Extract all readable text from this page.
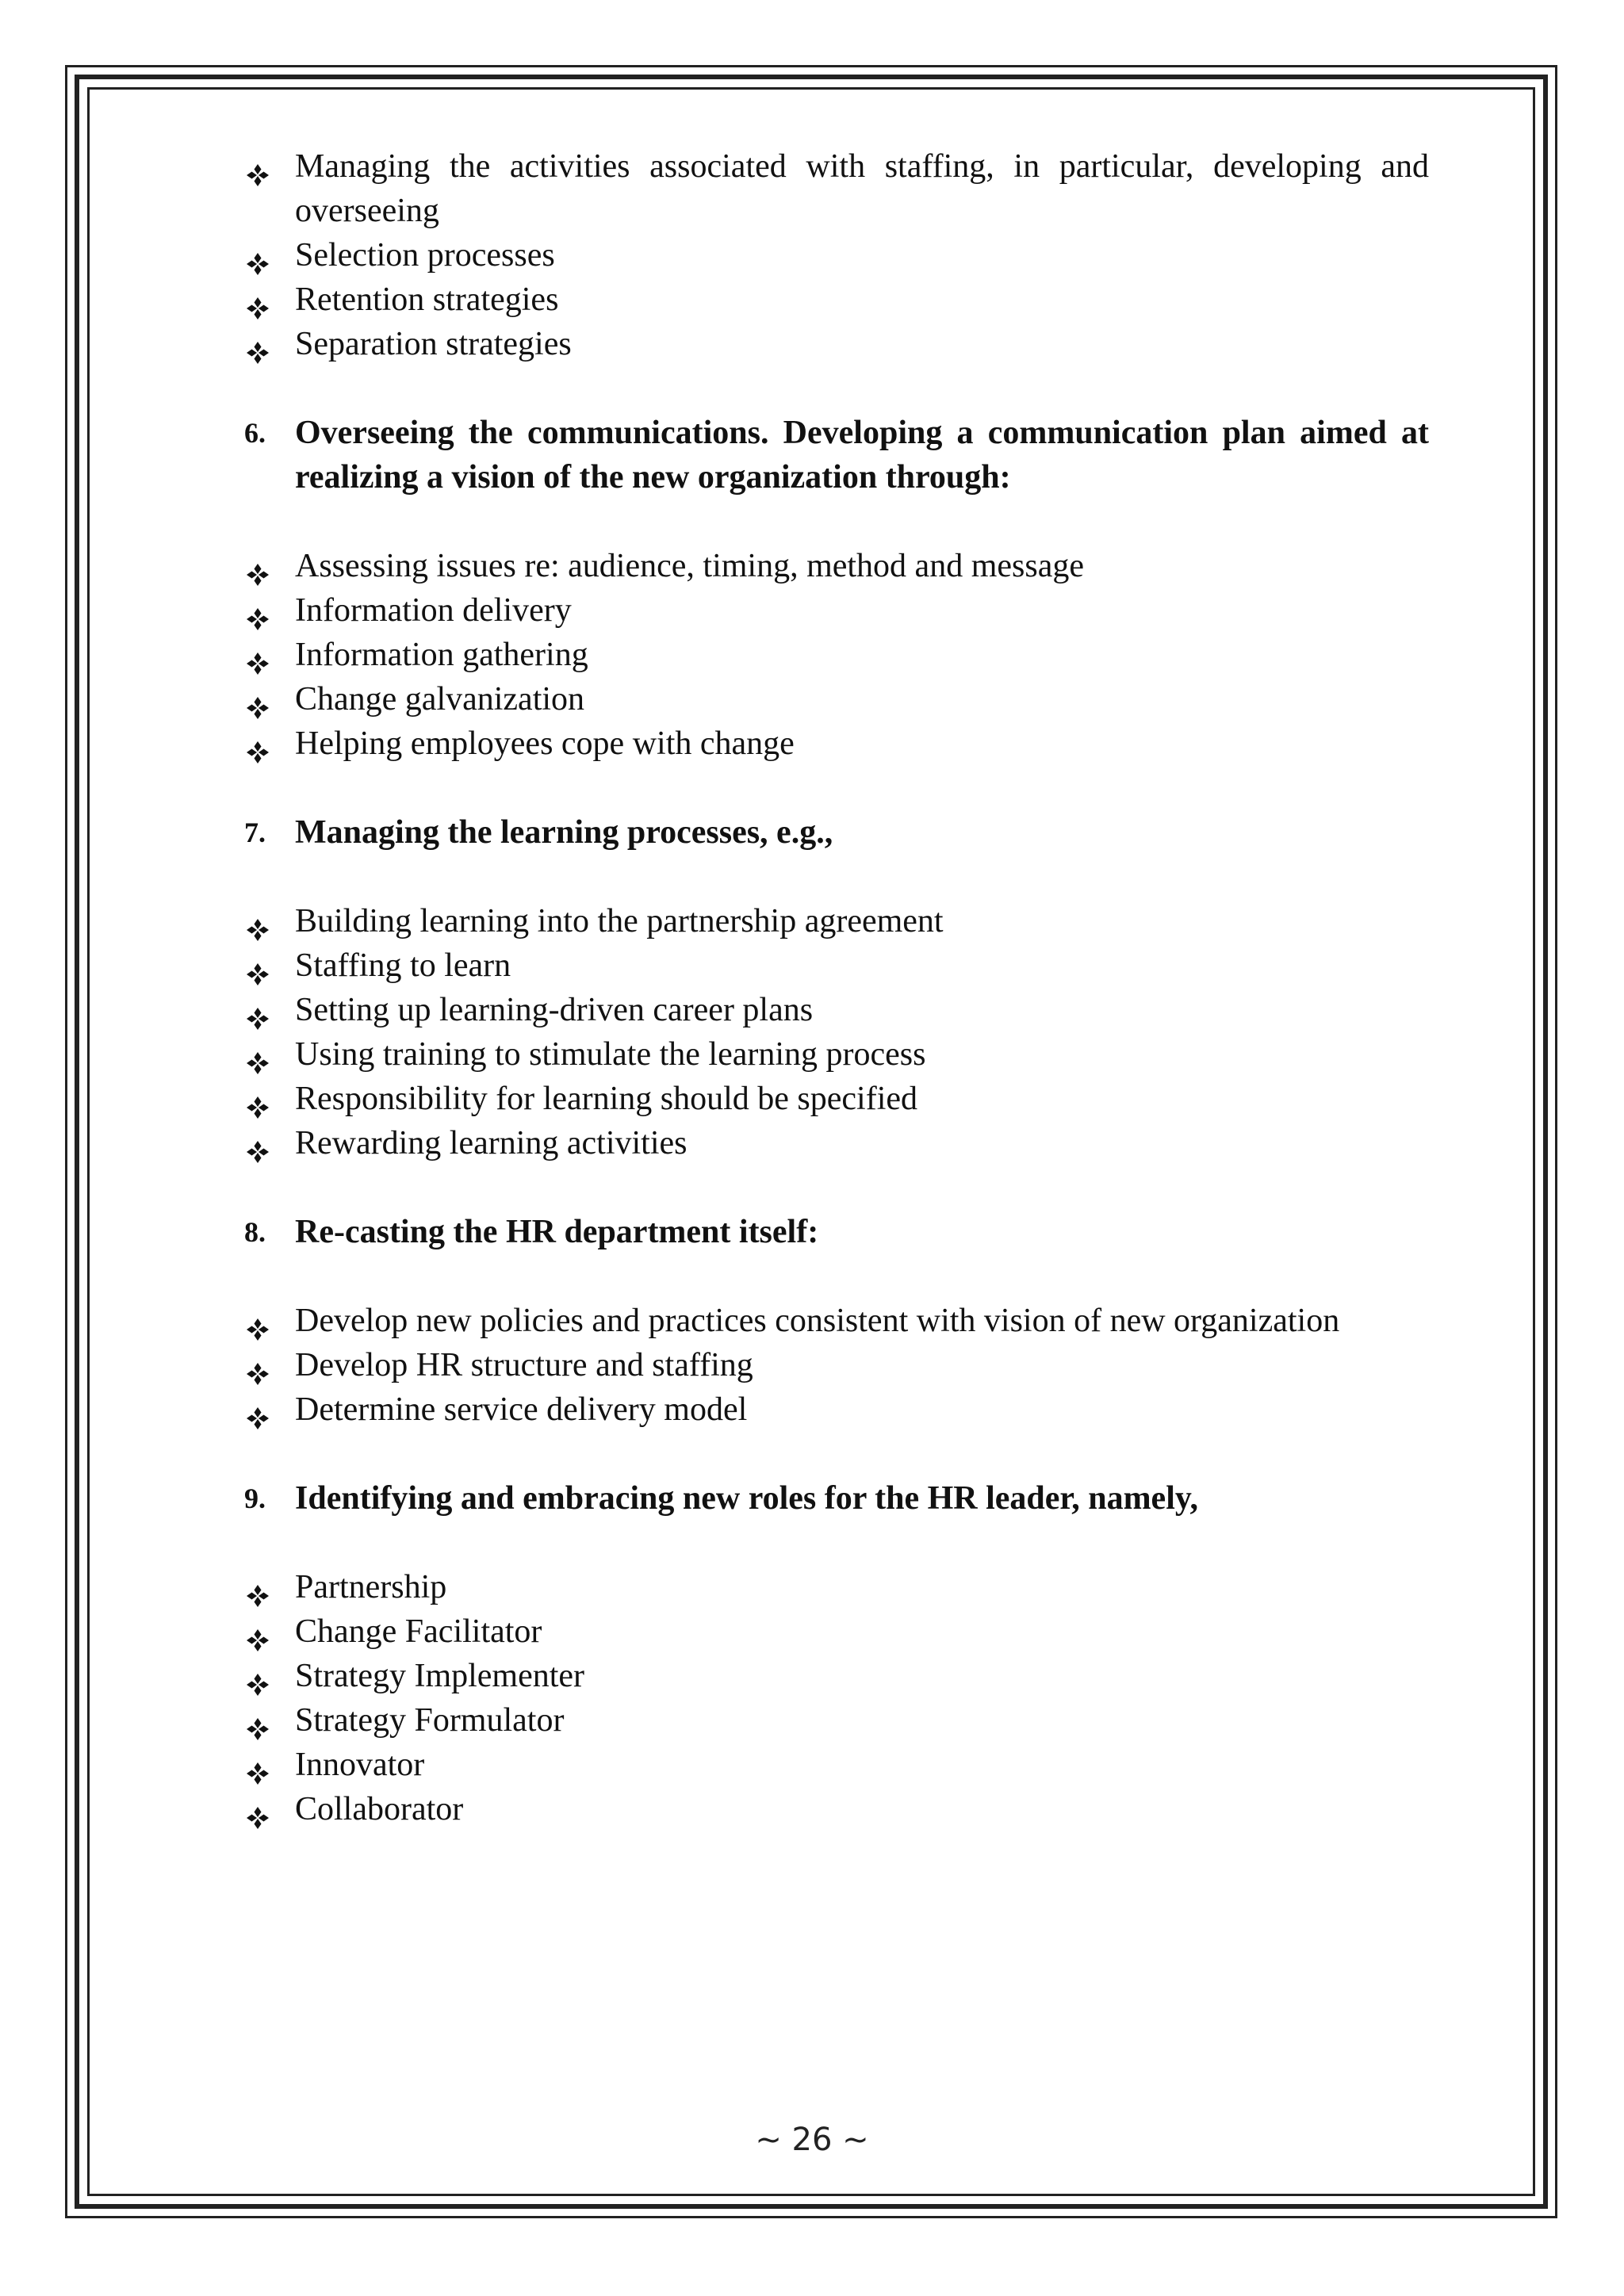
Managing the activities associated with staffing, in particular, developing and overseeing
Selection processes
Retention strategies
Separation strategies

6. Overseeing the communications. Developing a communication plan aimed at realizing a vision of the new organization through:

Assessing issues re: audience, timing, method and message
Information delivery
Information gathering
Change galvanization
Helping employees cope with change

7. Managing the learning processes, e.g.,

Building learning into the partnership agreement
Staffing to learn
Setting up learning-driven career plans
Using training to stimulate the learning process
Responsibility for learning should be specified
Rewarding learning activities

8. Re-casting the HR department itself:

Develop new policies and practices consistent with vision of new organization
Develop HR structure and staffing
Determine service delivery model

9. Identifying and embracing new roles for the HR leader, namely,

Partnership
Change Facilitator
Strategy Implementer
Strategy Formulator
Innovator
Collaborator
~ 26 ~
